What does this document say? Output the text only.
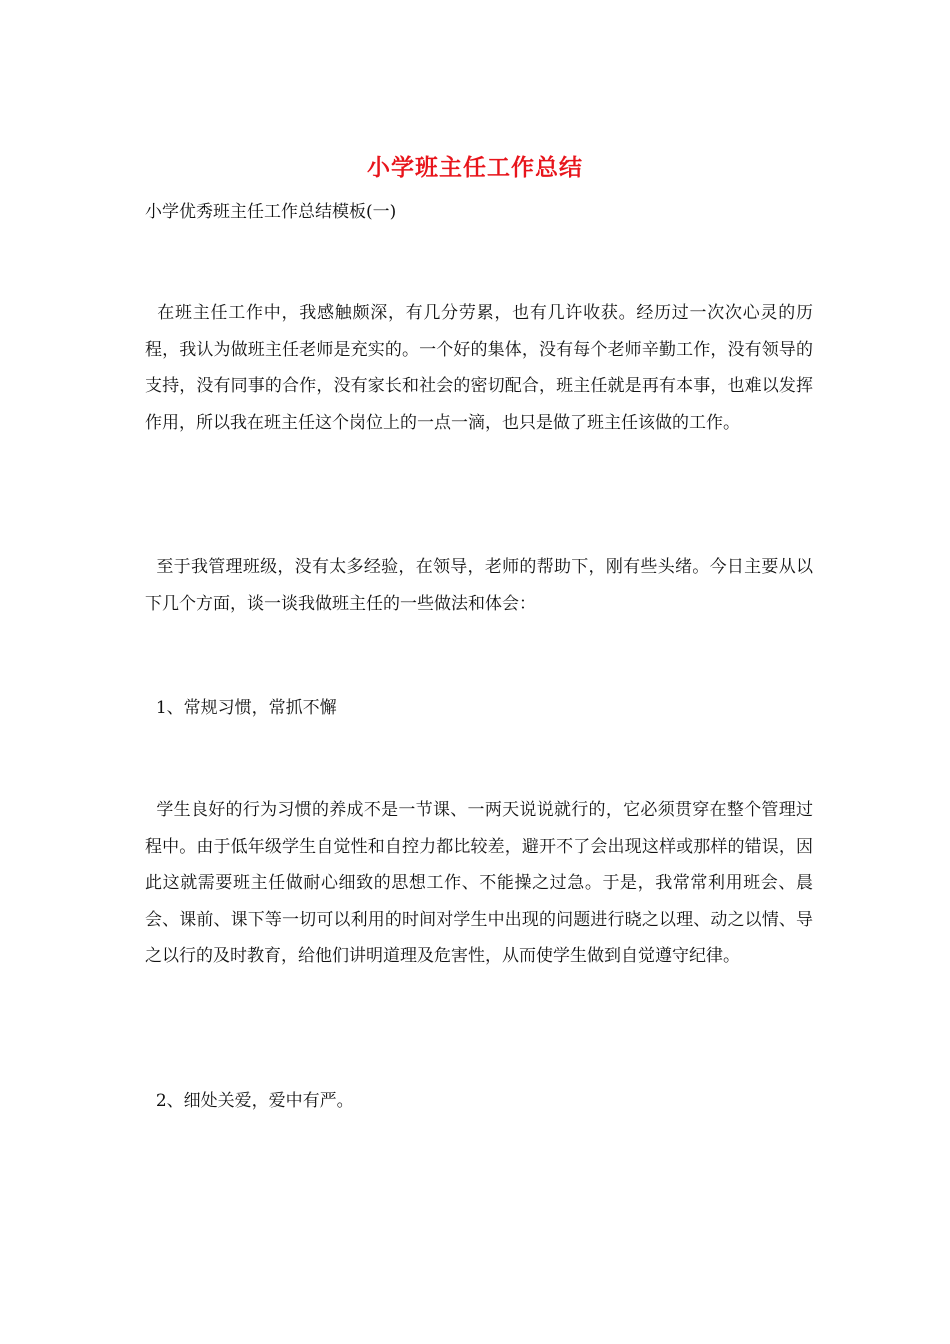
小学班主任工作总结
小学优秀班主任工作总结模板(一)

在班主任工作中，我感触颇深，有几分劳累，也有几许收获。经历过一次次心灵的历程，我认为做班主任老师是充实的。一个好的集体，没有每个老师辛勤工作，没有领导的支持，没有同事的合作，没有家长和社会的密切配合，班主任就是再有本事，也难以发挥作用，所以我在班主任这个岗位上的一点一滴，也只是做了班主任该做的工作。

至于我管理班级，没有太多经验，在领导，老师的帮助下，刚有些头绪。今日主要从以下几个方面，谈一谈我做班主任的一些做法和体会：

1、常规习惯，常抓不懈

学生良好的行为习惯的养成不是一节课、一两天说说就行的，它必须贯穿在整个管理过程中。由于低年级学生自觉性和自控力都比较差，避开不了会出现这样或那样的错误，因此这就需要班主任做耐心细致的思想工作、不能操之过急。于是，我常常利用班会、晨会、课前、课下等一切可以利用的时间对学生中出现的问题进行晓之以理、动之以情、导之以行的及时教育，给他们讲明道理及危害性，从而使学生做到自觉遵守纪律。

2、细处关爱，爱中有严。
